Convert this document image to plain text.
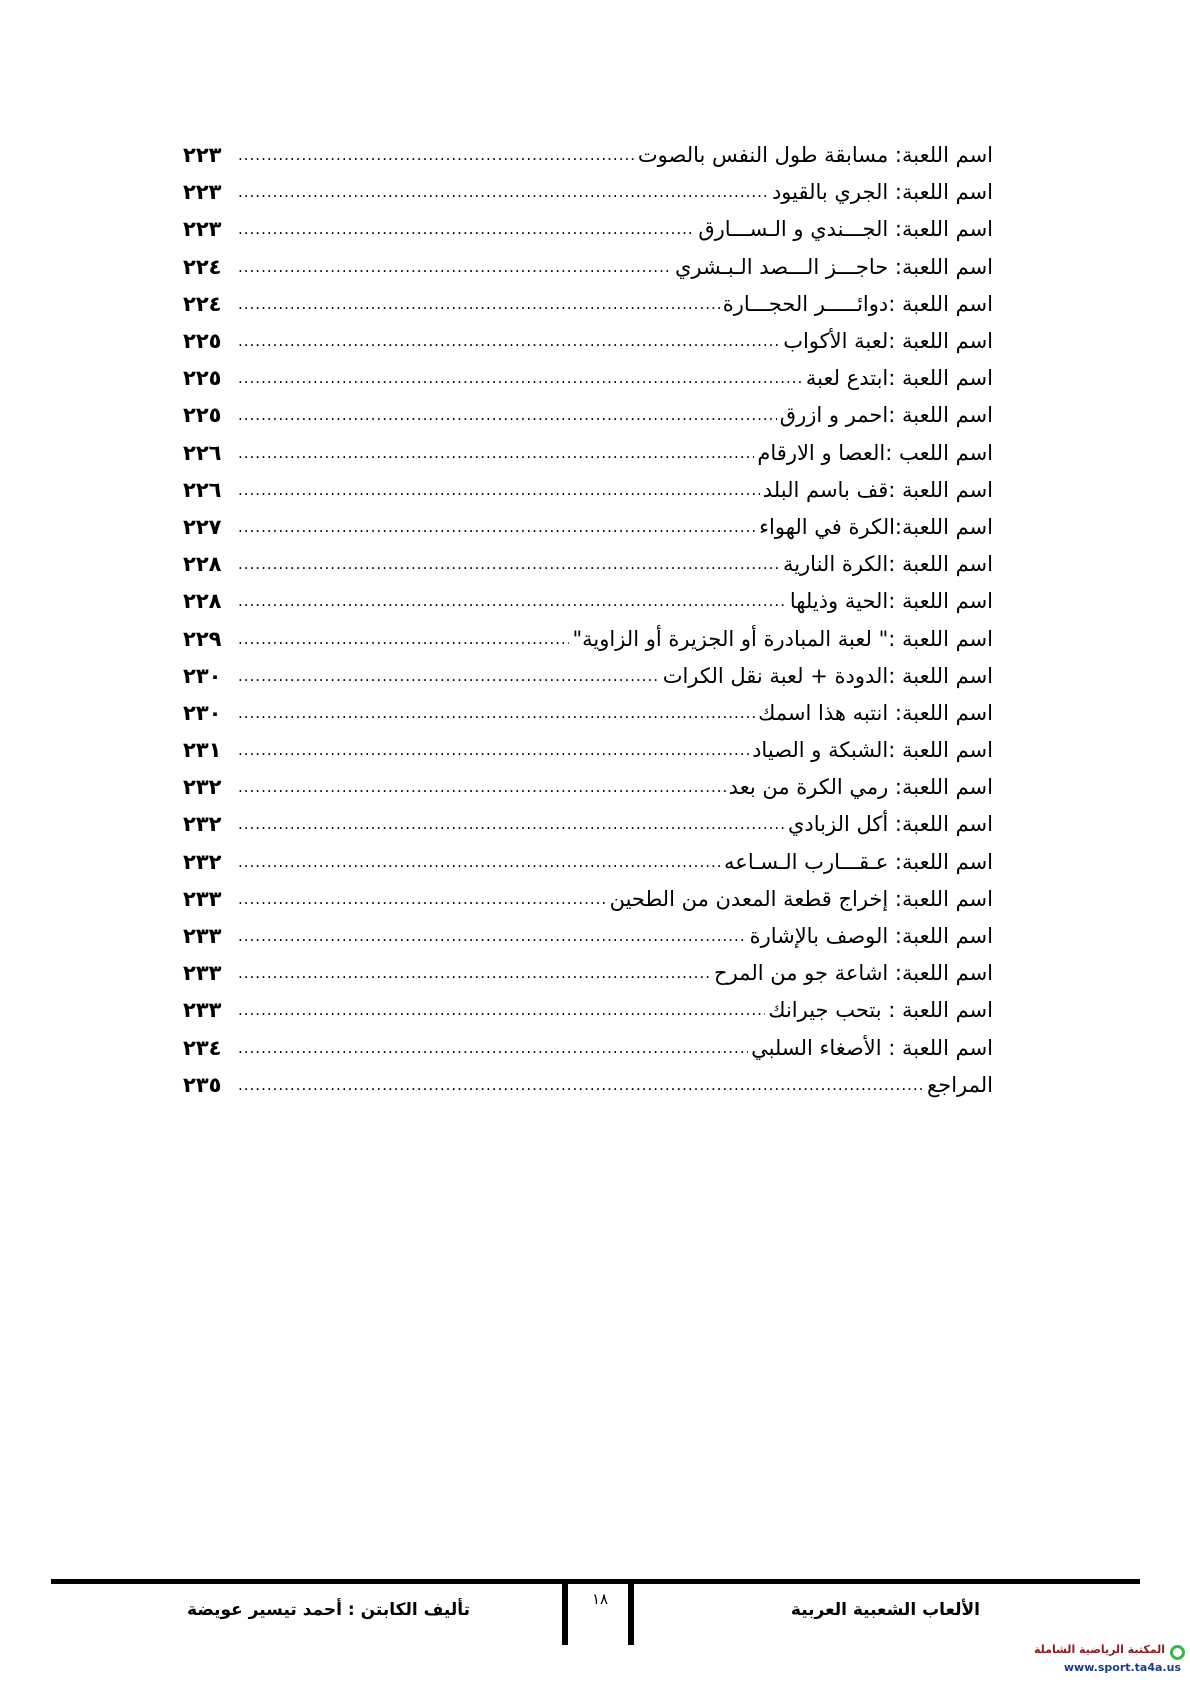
اسم اللعبة: مسابقة طول النفس بالصوت
.....
٢٢٣
اسم اللعبة: الجري بالقيود
.....
٢٢٣
اسم اللعبة: الجـــندي و الـســـارق
.....
٢٢٣
اسم اللعبة: حاجـــز الـــصد الـبـشري
.....
٢٢٤
اسم اللعبة :دوائـــــر الحجـــارة
.....
٢٢٤
اسم اللعبة :لعبة الأكواب
.....
٢٢٥
اسم اللعبة :ابتدع لعبة
.....
٢٢٥
اسم اللعبة :احمر و ازرق
.....
٢٢٥
اسم اللعب :العصا و الارقام
.....
٢٢٦
اسم اللعبة :قف باسم البلد
.....
٢٢٦
اسم اللعبة:الكرة في الهواء
.....
٢٢٧
اسم اللعبة :الكرة النارية
.....
٢٢٨
اسم اللعبة :الحية وذيلها
.....
٢٢٨
اسم اللعبة :" لعبة المبادرة أو الجزيرة أو الزاوية"
.....
٢٢٩
اسم اللعبة :الدودة + لعبة نقل الكرات
.....
٢٣٠
اسم اللعبة: انتبه هذا اسمك
.....
٢٣٠
اسم اللعبة :الشبكة و الصياد
.....
٢٣١
اسم اللعبة: رمي الكرة من بعد
.....
٢٣٢
اسم اللعبة: أكل الزبادي
.....
٢٣٢
اسم اللعبة: عـقـــارب الـسـاعه
.....
٢٣٢
اسم اللعبة: إخراج قطعة المعدن من الطحين
.....
٢٣٣
اسم اللعبة: الوصف بالإشارة
.....
٢٣٣
اسم اللعبة: اشاعة جو من المرح
.....
٢٣٣
اسم اللعبة : بتحب جيرانك
.....
٢٣٣
اسم اللعبة : الأصغاء السلبي
.....
٢٣٤
المراجع
.....
٢٣٥
الألعاب الشعبية العربية
١٨
تأليف الكابتن : أحمد تيسير عويضة
المكتبة الرياضية الشاملة
www.sport.ta4a.us
